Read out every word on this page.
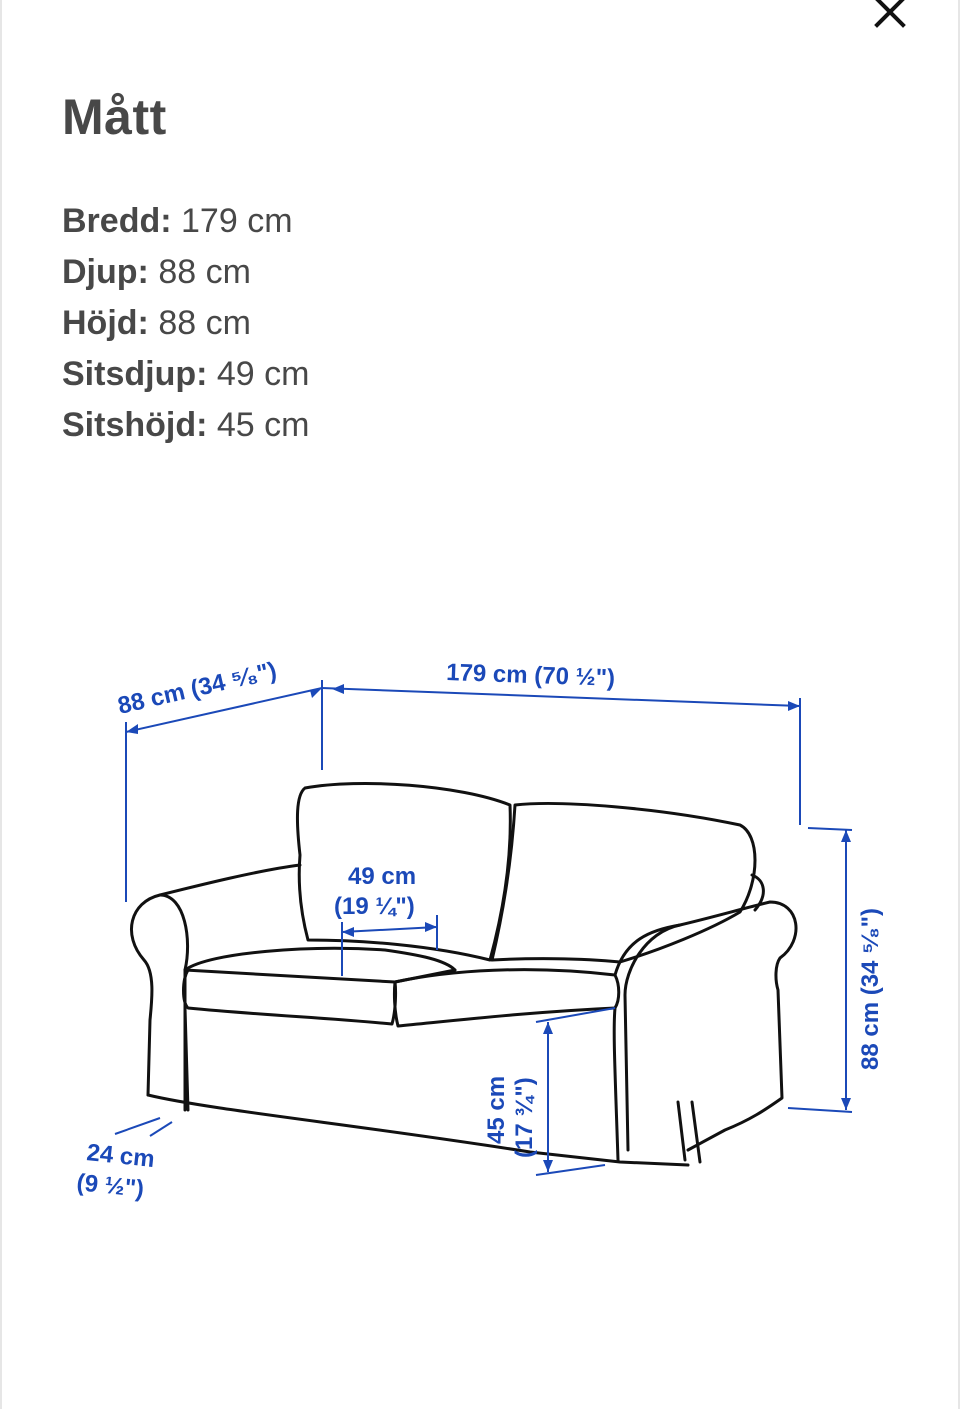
Mått
Bredd: 179 cm
Djup: 88 cm
Höjd: 88 cm
Sitsdjup: 49 cm
Sitshöjd: 45 cm
88 cm (34 ⁵⁄₈")	179 cm (70 ½")
49 cm
(19 ¼")
88 cm (34 ⁵⁄₈")
45 cm (17 ¾")
24 cm
(9 ½")
